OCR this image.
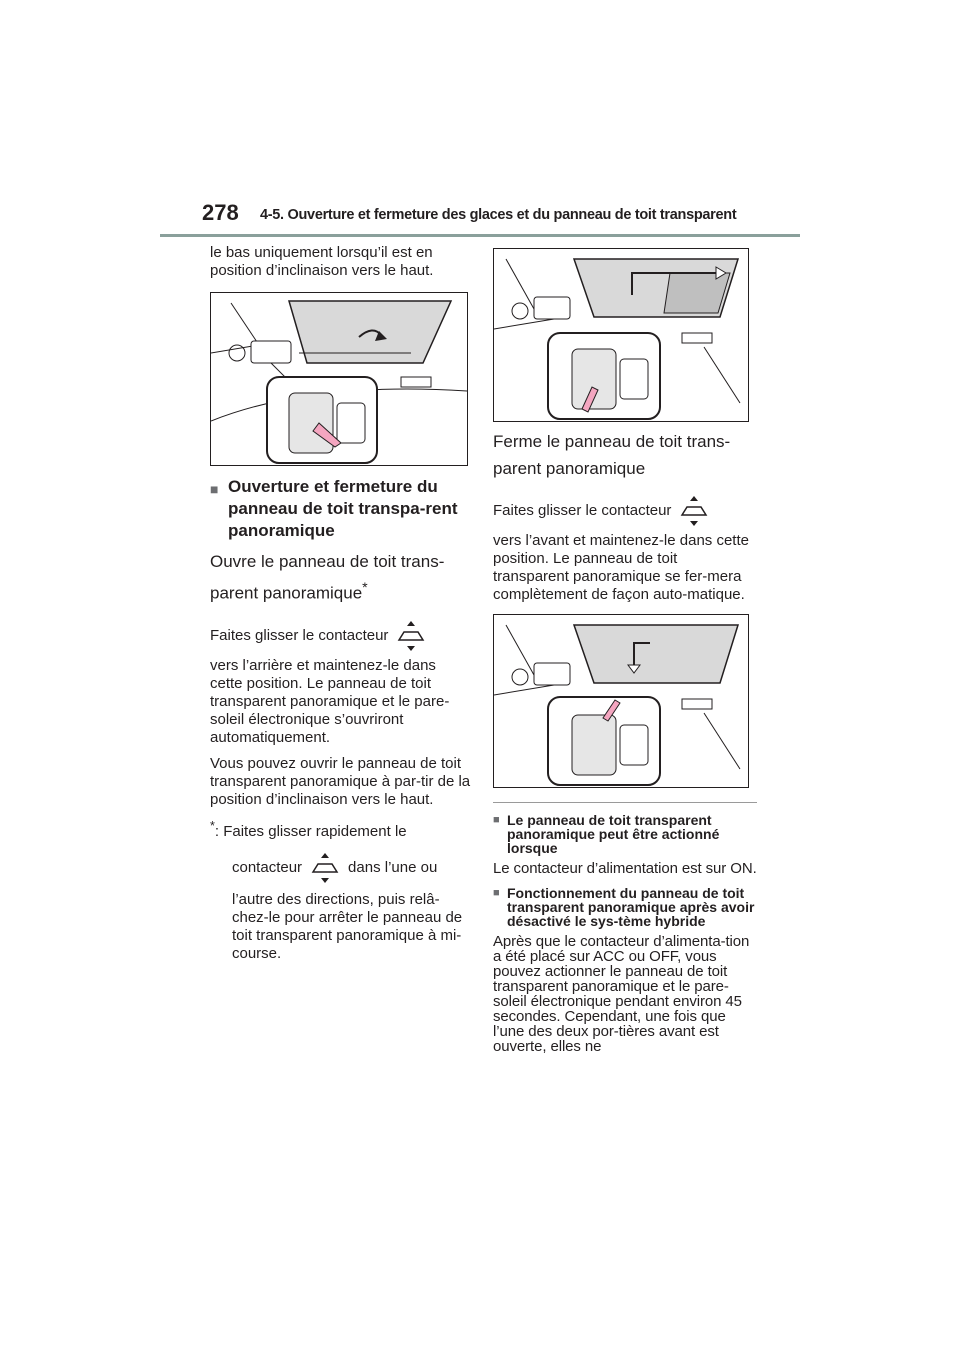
278 4-5. Ouverture et fermeture des glaces et du panneau de toit transparent

le bas uniquement lorsqu’il est en position d’inclinaison vers le haut.

■ Ouverture et fermeture du panneau de toit transpa-rent panoramique
Ouvre le panneau de toit trans-parent panoramique*
Faites glisser le contacteur

vers l’arrière et maintenez-le dans cette position. Le panneau de toit transparent panoramique et le pare-soleil électronique s’ouvriront automatiquement.

Vous pouvez ouvrir le panneau de toit transparent panoramique à par-tir de la position d’inclinaison vers le haut.

*: Faites glisser rapidement le
contacteur	dans l’une ou
l’autre des directions, puis relâ-chez-le pour arrêter le panneau de toit transparent panoramique à mi-course.
Ferme le panneau de toit trans-parent panoramique
Faites glisser le contacteur

vers l’avant et maintenez-le dans cette position. Le panneau de toit transparent panoramique se fer-mera complètement de façon auto-matique.

■ Le panneau de toit transparent panoramique peut être actionné lorsque

Le contacteur d’alimentation est sur ON.

■ Fonctionnement du panneau de toit transparent panoramique après avoir désactivé le sys-tème hybride

Après que le contacteur d’alimenta-tion a été placé sur ACC ou OFF, vous pouvez actionner le panneau de toit transparent panoramique et le pare-soleil électronique pendant environ 45 secondes. Cependant, une fois que l’une des deux por-tières avant est ouverte, elles ne
